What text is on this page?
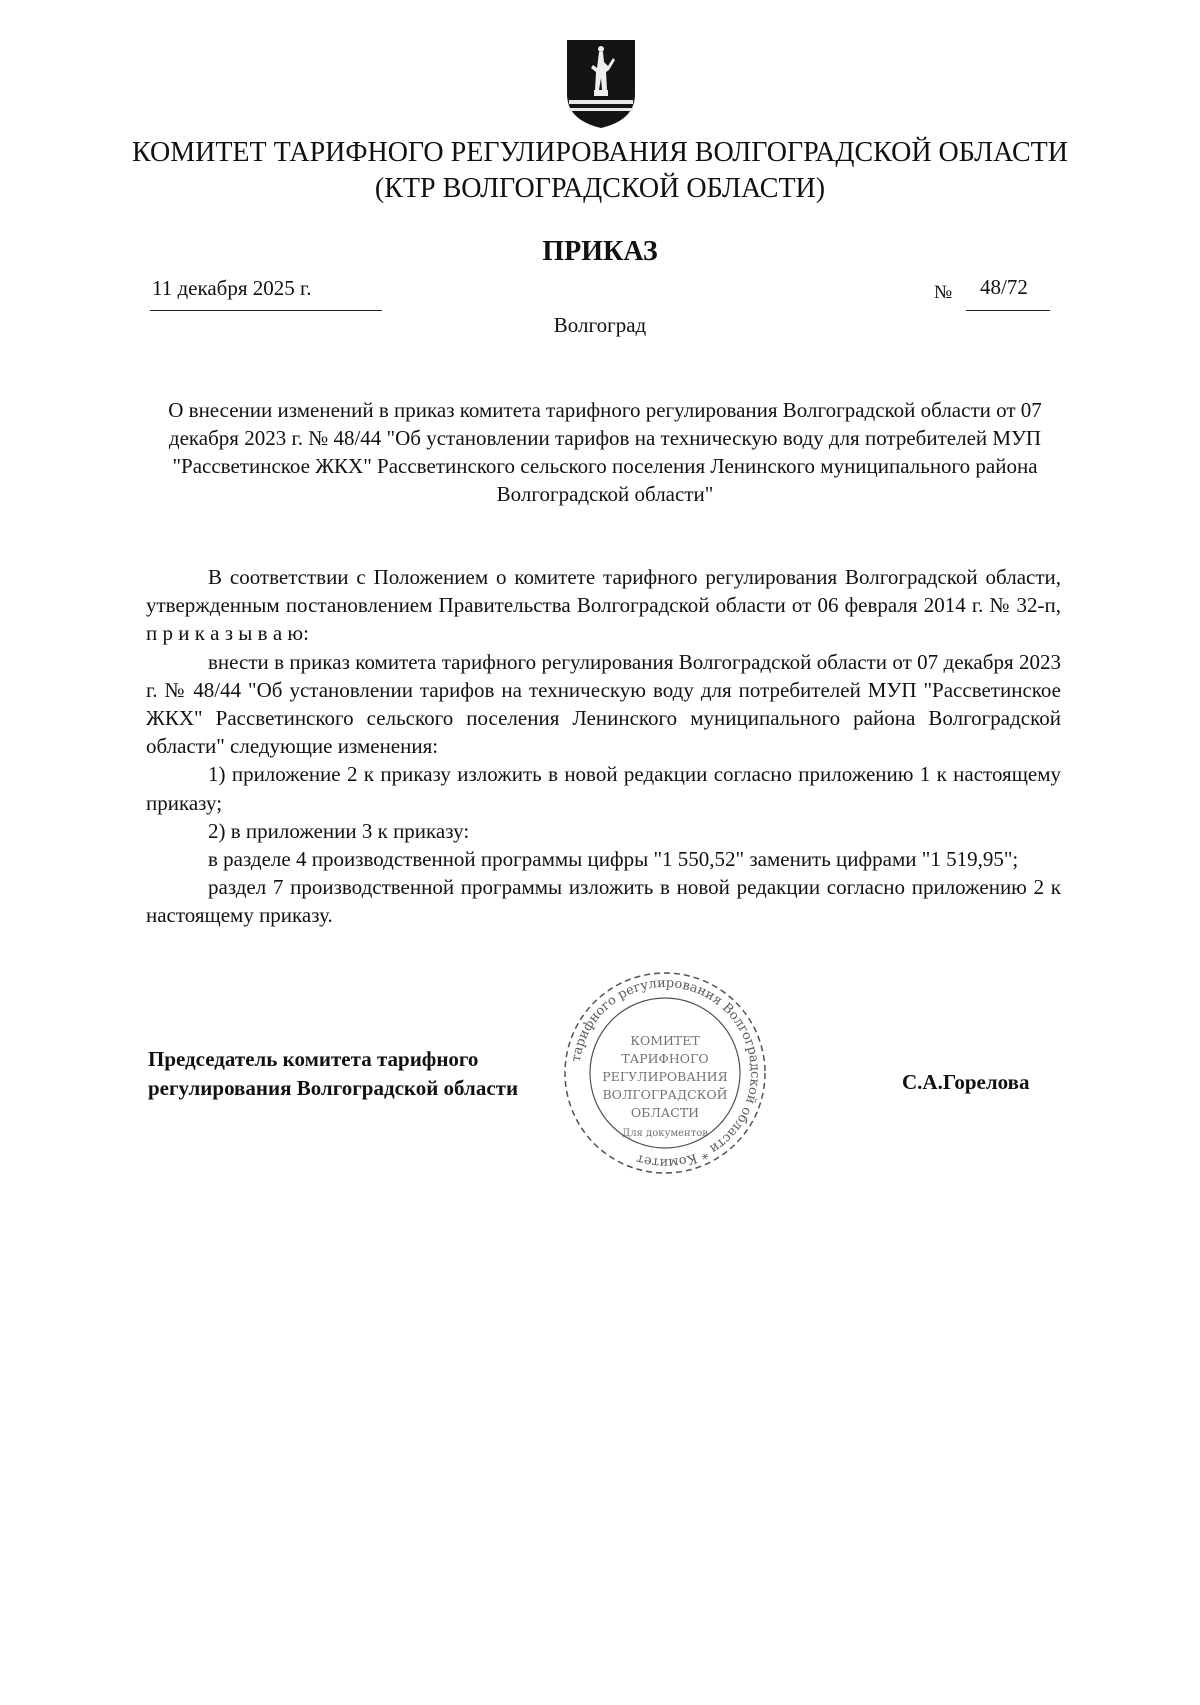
КОМИТЕТ ТАРИФНОГО РЕГУЛИРОВАНИЯ ВОЛГОГРАДСКОЙ ОБЛАСТИ
(КТР ВОЛГОГРАДСКОЙ ОБЛАСТИ)
ПРИКАЗ
11 декабря 2025 г.	№ 48/72
Волгоград
О внесении изменений в приказ комитета тарифного регулирования Волгоградской области от 07 декабря 2023 г. № 48/44 "Об установлении тарифов на техническую воду для потребителей МУП "Рассветинское ЖКХ" Рассветинского сельского поселения Ленинского муниципального района Волгоградской области"

В соответствии с Положением о комитете тарифного регулирования Волгоградской области, утвержденным постановлением Правительства Волгоградской области от 06 февраля 2014 г. № 32-п, п р и к а з ы в а ю:

внести в приказ комитета тарифного регулирования Волгоградской области от 07 декабря 2023 г. № 48/44 "Об установлении тарифов на техническую воду для потребителей МУП "Рассветинское ЖКХ" Рассветинского сельского поселения Ленинского муниципального района Волгоградской области" следующие изменения:

1) приложение 2 к приказу изложить в новой редакции согласно приложению 1 к настоящему приказу;

2) в приложении 3 к приказу:

в разделе 4 производственной программы цифры "1 550,52" заменить цифрами "1 519,95";

раздел 7 производственной программы изложить в новой редакции согласно приложению 2 к настоящему приказу.

Председатель комитета тарифного
регулирования Волгоградской области
тарифного регулирования Волгоградской области * Комитет
КОМИТЕТ
ТАРИФНОГО
РЕГУЛИРОВАНИЯ
ВОЛГОГРАДСКОЙ
ОБЛАСТИ
Для документов
С.А.Горелова
